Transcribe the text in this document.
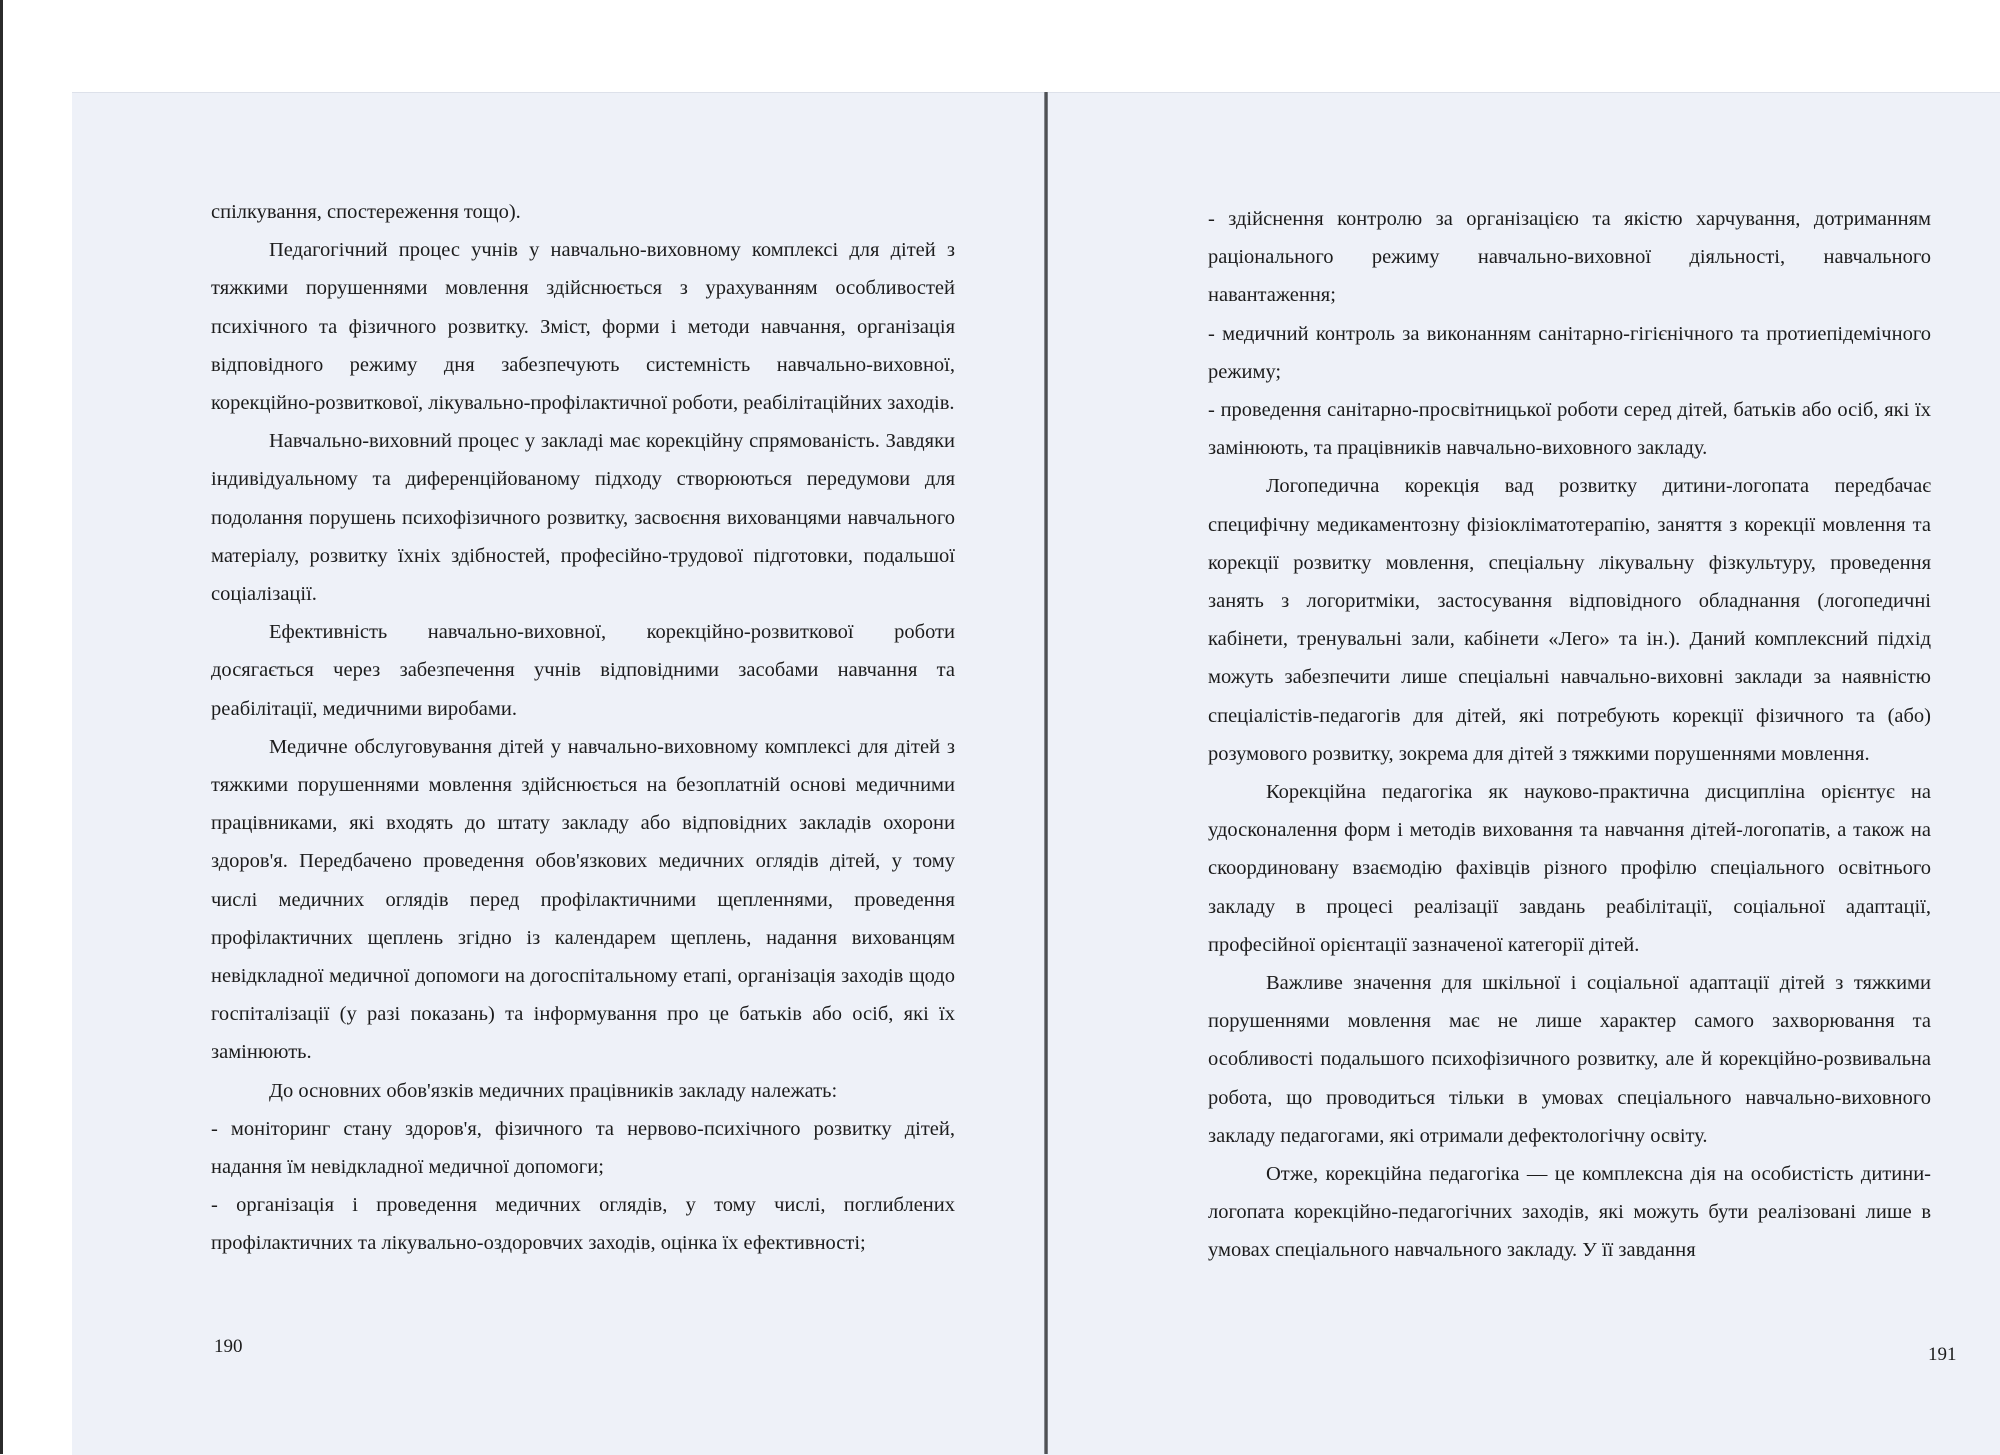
спілкування, спостереження тощо).

Педагогічний процес учнів у навчально-виховному комплексі для дітей з тяжкими порушеннями мовлення здійснюється з урахуванням особливостей психічного та фізичного розвитку. Зміст, форми і методи навчання, організація відповідного режиму дня забезпечують системність навчально-виховної, корекційно-розвиткової, лікувально-профілактичної роботи, реабілітаційних заходів.

Навчально-виховний процес у закладі має корекційну спрямованість. Завдяки індивідуальному та диференційованому підходу створюються передумови для подолання порушень психофізичного розвитку, засвоєння вихованцями навчального матеріалу, розвитку їхніх здібностей, професійно-трудової підготовки, подальшої соціалізації.

Ефективність навчально-виховної, корекційно-розвиткової роботи досягається через забезпечення учнів відповідними засобами навчання та реабілітації, медичними виробами.

Медичне обслуговування дітей у навчально-виховному комплексі для дітей з тяжкими порушеннями мовлення здійснюється на безоплатній основі медичними працівниками, які входять до штату закладу або відповідних закладів охорони здоров'я. Передбачено проведення обов'язкових медичних оглядів дітей, у тому числі медичних оглядів перед профілактичними щепленнями, проведення профілактичних щеплень згідно із календарем щеплень, надання вихованцям невідкладної медичної допомоги на догоспітальному етапі, організація заходів щодо госпіталізації (у разі показань) та інформування про це батьків або осіб, які їх замінюють.

До основних обов'язків медичних працівників закладу належать:

- моніторинг стану здоров'я, фізичного та нервово-психічного розвитку дітей, надання їм невідкладної медичної допомоги;

- організація і проведення медичних оглядів, у тому числі, поглиблених профілактичних та лікувально-оздоровчих заходів, оцінка їх ефективності;

190

- здійснення контролю за організацією та якістю харчування, дотриманням раціонального режиму навчально-виховної діяльності, навчального навантаження;

- медичний контроль за виконанням санітарно-гігієнічного та протиепідемічного режиму;

- проведення санітарно-просвітницької роботи серед дітей, батьків або осіб, які їх замінюють, та працівників навчально-виховного закладу.

Логопедична корекція вад розвитку дитини-логопата передбачає специфічну медикаментозну фізіокліматотерапію, заняття з корекції мовлення та корекції розвитку мовлення, спеціальну лікувальну фізкультуру, проведення занять з логоритміки, застосування відповідного обладнання (логопедичні кабінети, тренувальні зали, кабінети «Лего» та ін.). Даний комплексний підхід можуть забезпечити лише спеціальні навчально-виховні заклади за наявністю спеціалістів-педагогів для дітей, які потребують корекції фізичного та (або) розумового розвитку, зокрема для дітей з тяжкими порушеннями мовлення.

Корекційна педагогіка як науково-практична дисципліна орієнтує на удосконалення форм і методів виховання та навчання дітей-логопатів, а також на скоординовану взаємодію фахівців різного профілю спеціального освітнього закладу в процесі реалізації завдань реабілітації, соціальної адаптації, професійної орієнтації зазначеної категорії дітей.

Важливе значення для шкільної і соціальної адаптації дітей з тяжкими порушеннями мовлення має не лише характер самого захворювання та особливості подальшого психофізичного розвитку, але й корекційно-розвивальна робота, що проводиться тільки в умовах спеціального навчально-виховного закладу педагогами, які отримали дефектологічну освіту.

Отже, корекційна педагогіка — це комплексна дія на особистість дитини-логопата корекційно-педагогічних заходів, які можуть бути реалізовані лише в умовах спеціального навчального закладу. У її завдання

191
